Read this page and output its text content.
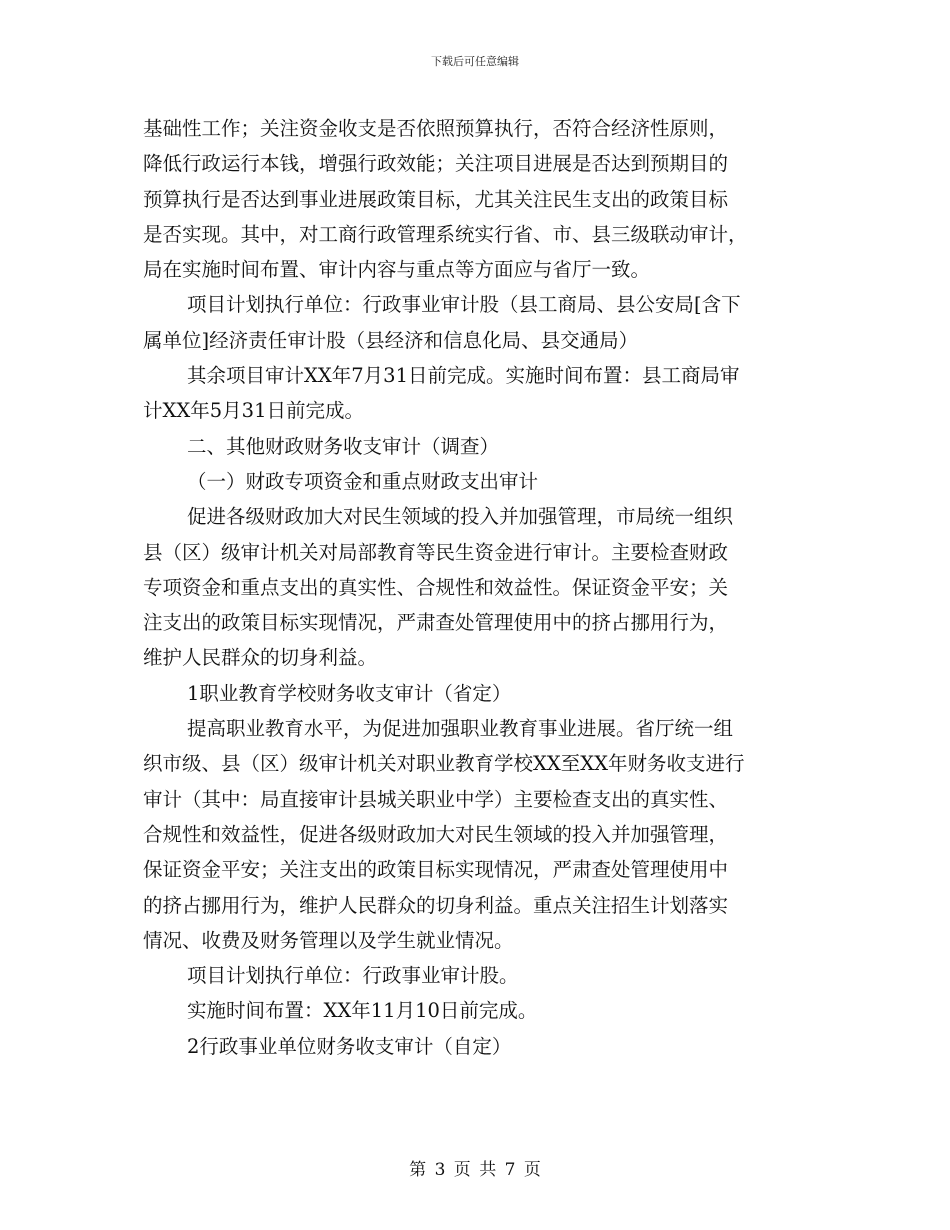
下载后可任意编辑

基础性工作；关注资金收支是否依照预算执行，否符合经济性原则，

降低行政运行本钱，增强行政效能；关注项目进展是否达到预期目的

预算执行是否达到事业进展政策目标，尤其关注民生支出的政策目标

是否实现。其中，对工商行政管理系统实行省、市、县三级联动审计，

局在实施时间布置、审计内容与重点等方面应与省厅一致。

项目计划执行单位：行政事业审计股（县工商局、县公安局[含下

属单位]经济责任审计股（县经济和信息化局、县交通局）

其余项目审计XX年7月31日前完成。实施时间布置：县工商局审

计XX年5月31日前完成。

二、其他财政财务收支审计（调查）

（一）财政专项资金和重点财政支出审计

促进各级财政加大对民生领域的投入并加强管理，市局统一组织

县（区）级审计机关对局部教育等民生资金进行审计。主要检查财政

专项资金和重点支出的真实性、合规性和效益性。保证资金平安；关

注支出的政策目标实现情况，严肃查处管理使用中的挤占挪用行为，

维护人民群众的切身利益。

1职业教育学校财务收支审计（省定）

提高职业教育水平，为促进加强职业教育事业进展。省厅统一组

织市级、县（区）级审计机关对职业教育学校XX至XX年财务收支进行

审计（其中：局直接审计县城关职业中学）主要检查支出的真实性、

合规性和效益性，促进各级财政加大对民生领域的投入并加强管理，

保证资金平安；关注支出的政策目标实现情况，严肃查处管理使用中

的挤占挪用行为，维护人民群众的切身利益。重点关注招生计划落实

情况、收费及财务管理以及学生就业情况。

项目计划执行单位：行政事业审计股。

实施时间布置：XX年11月10日前完成。

2行政事业单位财务收支审计（自定）

第 3 页 共 7 页
